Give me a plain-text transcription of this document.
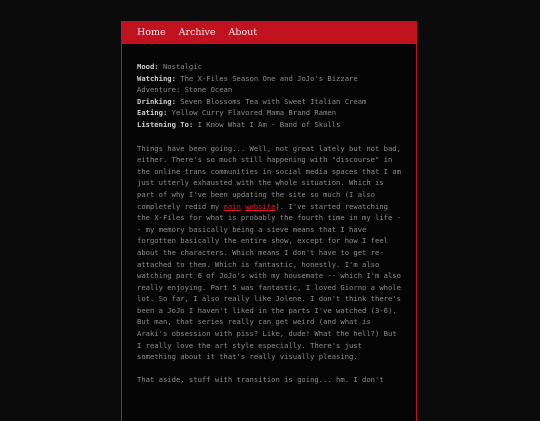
Home Archive About
Mood: Nostalgic
Watching: The X-Files Season One and JoJo's Bizzare Adventure: Stone Ocean
Drinking: Seven Blossoms Tea with Sweet Italian Cream
Eating: Yellow Curry Flavored Mama Brand Ramen
Listening To: I Know What I Am - Band of Skulls

Things have been going... Well, not great lately but not bad, either. There's so much still happening with "discourse" in the online trans communities in social media spaces that I am just utterly exhausted with the whole situation. Which is part of why I've been updating the site so much (I also completely redid my main website). I've started rewatching the X-Files for what is probably the fourth time in my life -- my memory basically being a sieve means that I have forgotten basically the entire show, except for how I feel about the characters. Which means I don't have to get re-attached to them. Which is fantastic, honestly. I'm also watching part 6 of JoJo's with my housemate -- which I'm also really enjoying. Part 5 was fantastic, I loved Giorno a whole lot. So far, I also really like Jolene. I don't think there's been a JoJo I haven't liked in the parts I've watched (3-6). But man, that series really can get weird (and what is Araki's obsession with piss? Like, dude! What the hell?) But I really love the art style especially. There's just something about it that's really visually pleasing.

That aside, stuff with transition is going... hm. I don't
